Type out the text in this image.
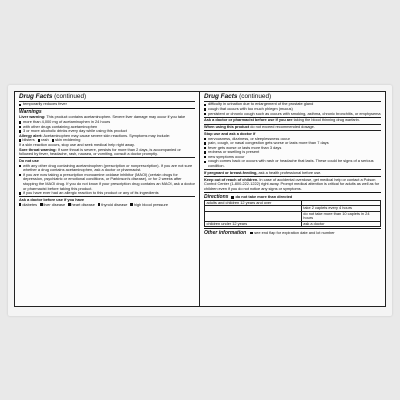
Drug Facts (continued)
temporarily reduces fever
Warnings

Liver warning: This product contains acetaminophen. Severe liver damage may occur if you take

more than 4,000 mg of acetaminophen in 24 hours
with other drugs containing acetaminophen
3 or more alcoholic drinks every day while using this product

Allergy alert: Acetaminophen may cause severe skin reactions. Symptoms may include:

blisters	rash	skin reddening

If a skin reaction occurs, stop use and seek medical help right away.

Sore throat warning: If sore throat is severe, persists for more than 2 days, is accompanied or followed by fever, headache, rash, nausea, or vomiting, consult a doctor promptly.

Do not use

with any other drug containing acetaminophen (prescription or nonprescription). If you are not sure whether a drug contains acetaminophen, ask a doctor or pharmacist.
if you are now taking a prescription monoamine oxidase inhibitor (MAOI) (certain drugs for depression, psychiatric or emotional conditions, or Parkinson's disease), or for 2 weeks after stopping the MAOI drug. If you do not know if your prescription drug contains an MAOI, ask a doctor or pharmacist before taking this product.
if you have ever had an allergic reaction to this product or any of its ingredients

Ask a doctor before use if you have

diabetes	liver disease	heart disease	thyroid disease	high blood pressure
Drug Facts (continued)
difficulty in urination due to enlargement of the prostate gland
cough that occurs with too much phlegm (mucus)
persistent or chronic cough such as occurs with smoking, asthma, chronic bronchitis, or emphysema

Ask a doctor or pharmacist before use if you are taking the blood thinning drug warfarin.

When using this product do not exceed recommended dosage.

Stop use and ask a doctor if

nervousness, dizziness, or sleeplessness occur
pain, cough, or nasal congestion gets worse or lasts more than 7 days
fever gets worse or lasts more than 3 days
redness or swelling is present
new symptoms occur
cough comes back or occurs with rash or headache that lasts. These could be signs of a serious condition.

If pregnant or breast-feeding, ask a health professional before use.

Keep out of reach of children. In case of accidental overdose, get medical help or contact a Poison Control Center (1-800-222-1222) right away. Prompt medical attention is critical for adults as well as for children even if you do not notice any signs or symptoms.

Directions	do not take more than directed
adults and children 12 years and over	
	take 2 caplets every 4 hours
	do not take more than 10 caplets in 24 hours
children under 12 years	ask a doctor
Other information	see end flap for expiration date and lot number
